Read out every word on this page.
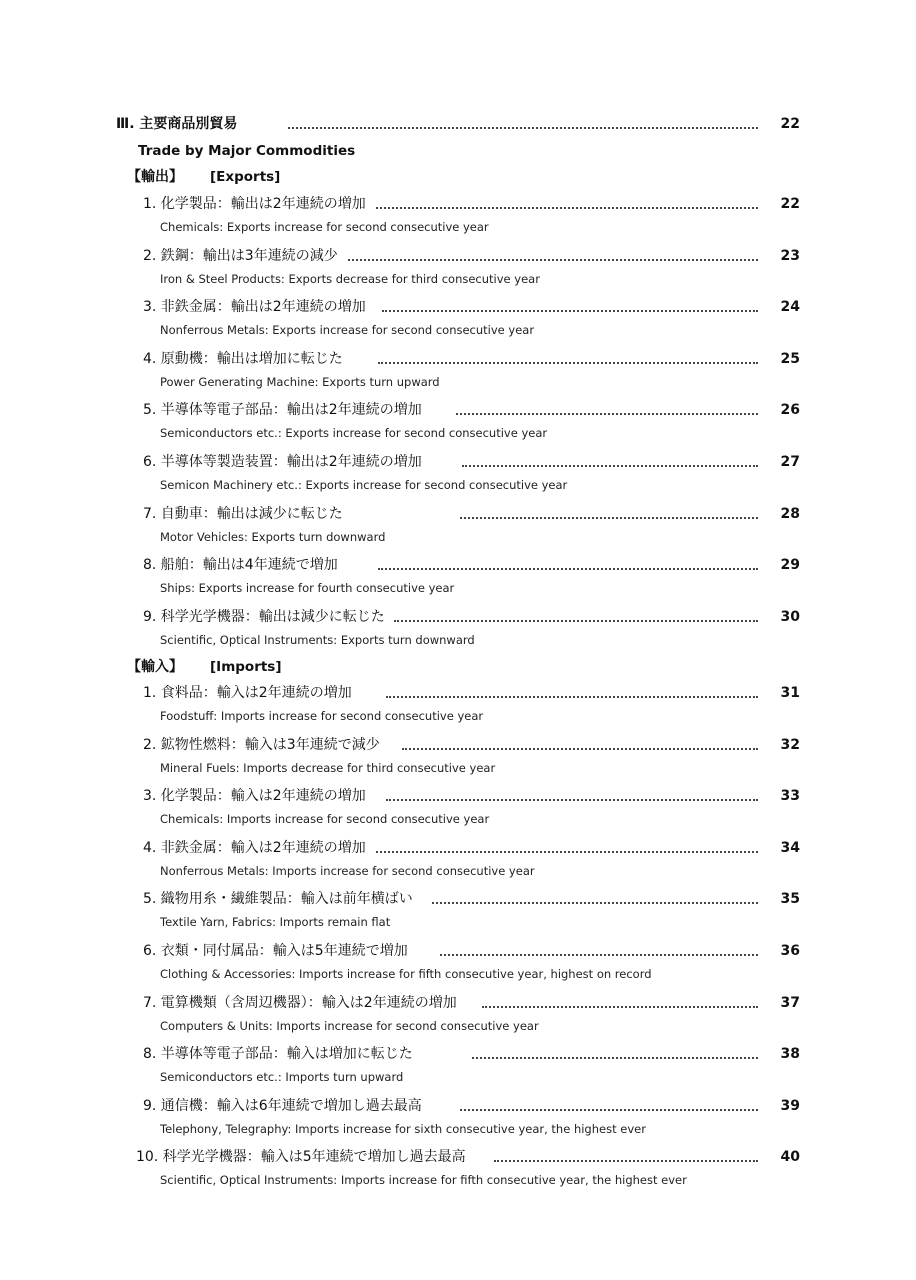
Ⅲ. 主要商品別貿易	22
Trade by Major Commodities
【輸出】 [Exports]
1. 化学製品：輸出は2年連続の増加	22
Chemicals: Exports increase for second consecutive year
2. 鉄鋼：輸出は3年連続の減少	23
Iron & Steel Products: Exports decrease for third consecutive year
3. 非鉄金属：輸出は2年連続の増加	24
Nonferrous Metals: Exports increase for second consecutive year
4. 原動機：輸出は増加に転じた	25
Power Generating Machine: Exports turn upward
5. 半導体等電子部品：輸出は2年連続の増加	26
Semiconductors etc.: Exports increase for second consecutive year
6. 半導体等製造装置：輸出は2年連続の増加	27
Semicon Machinery etc.: Exports increase for second consecutive year
7. 自動車：輸出は減少に転じた	28
Motor Vehicles: Exports turn downward
8. 船舶：輸出は4年連続で増加	29
Ships: Exports increase for fourth consecutive year
9. 科学光学機器：輸出は減少に転じた	30
Scientific, Optical Instruments: Exports turn downward
【輸入】 [Imports]
1. 食料品：輸入は2年連続の増加	31
Foodstuff: Imports increase for second consecutive year
2. 鉱物性燃料：輸入は3年連続で減少	32
Mineral Fuels: Imports decrease for third consecutive year
3. 化学製品：輸入は2年連続の増加	33
Chemicals: Imports increase for second consecutive year
4. 非鉄金属：輸入は2年連続の増加	34
Nonferrous Metals: Imports increase for second consecutive year
5. 織物用糸・繊維製品：輸入は前年横ばい	35
Textile Yarn, Fabrics: Imports remain flat
6. 衣類・同付属品：輸入は5年連続で増加	36
Clothing & Accessories: Imports increase for fifth consecutive year, highest on record
7. 電算機類（含周辺機器）：輸入は2年連続の増加	37
Computers & Units: Imports increase for second consecutive year
8. 半導体等電子部品：輸入は増加に転じた	38
Semiconductors etc.: Imports turn upward
9. 通信機：輸入は6年連続で増加し過去最高	39
Telephony, Telegraphy: Imports increase for sixth consecutive year, the highest ever
10. 科学光学機器：輸入は5年連続で増加し過去最高	40
Scientific, Optical Instruments: Imports increase for fifth consecutive year, the highest ever
